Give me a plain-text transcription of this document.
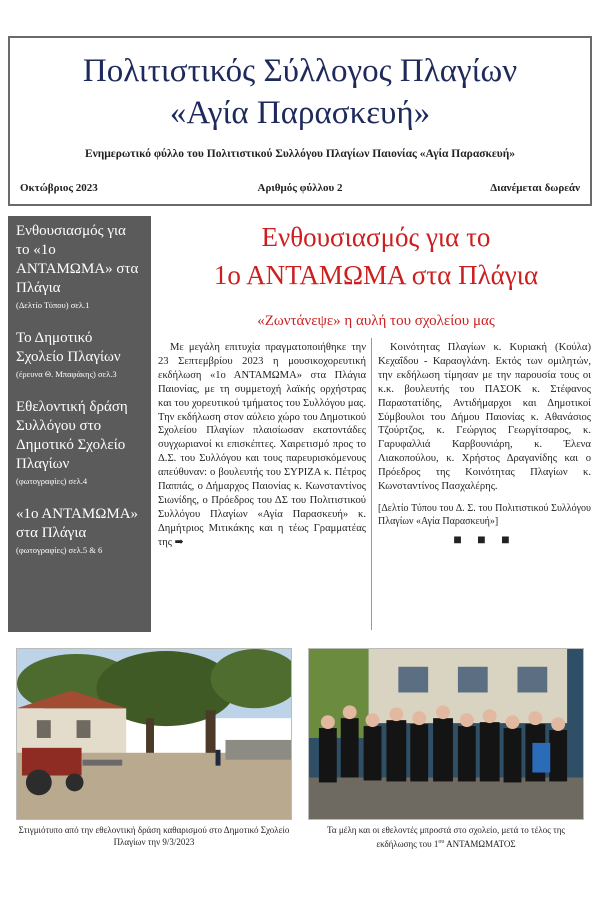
Πολιτιστικός Σύλλογος Πλαγίων
«Αγία Παρασκευή»
Ενημερωτικό φύλλο του Πολιτιστικού Συλλόγου Πλαγίων Παιονίας «Αγία Παρασκευή»
Οκτώβριος 2023	Αριθμός φύλλου 2	Διανέμεται δωρεάν
Ενθουσιασμός για το «1ο ΑΝΤΑΜΩΜΑ» στα Πλάγια
(Δελτίο Τύπου) σελ.1
Το Δημοτικό Σχολείο Πλαγίων
(έρευνα Θ. Μπαφάκης) σελ.3
Εθελοντική δράση Συλλόγου στο Δημοτικό Σχολείο Πλαγίων
(φωτογραφίες) σελ.4
«1ο ΑΝΤΑΜΩΜΑ» στα Πλάγια
(φωτογραφίες) σελ.5 & 6
Ενθουσιασμός για το
1ο ΑΝΤΑΜΩΜΑ στα Πλάγια
«Ζωντάνεψε» η αυλή του σχολείου μας

Με μεγάλη επιτυχία πραγματοποιήθηκε την 23 Σεπτεμβρίου 2023 η μουσικοχορευτική εκδήλωση «1ο ΑΝΤΑΜΩΜΑ» στα Πλάγια Παιονίας, με τη συμμετοχή λαϊκής ορχήστρας και του χορευτικού τμήματος του Συλλόγου μας. Την εκδήλωση στον αύλειο χώρο του Δημοτικού Σχολείου Πλαγίων πλαισίωσαν εκατοντάδες συγχωριανοί κι επισκέπτες. Χαιρετισμό προς το Δ.Σ. του Συλλόγου και τους παρευρισκόμενους απεύθυναν: ο βουλευτής του ΣΥΡΙΖΑ κ. Πέτρος Παππάς, ο Δήμαρχος Παιονίας κ. Κωνσταντίνος Σιωνίδης, ο Πρόεδρος του ΔΣ του Πολιτιστικού Συλλόγου Πλαγίων «Αγία Παρασκευή» κ. Δημήτριος Μιτικάκης και η τέως Γραμματέας της ➡

Κοινότητας Πλαγίων κ. Κυριακή (Κούλα) Κεχαΐδου - Καραογλάνη. Εκτός των ομιλητών, την εκδήλωση τίμησαν με την παρουσία τους οι κ.κ. βουλευτής του ΠΑΣΟΚ κ. Στέφανος Παραστατίδης, Αντιδήμαρχοι και Δημοτικοί Σύμβουλοι του Δήμου Παιονίας κ. Αθανάσιος Τζούρτζος, κ. Γεώργιος Γεωργίτσαρος, κ. Γαρυφαλλιά Καρβουνιάρη, κ. Έλενα Λιακοπούλου, κ. Χρήστος Δραγανίδης και ο Πρόεδρος της Κοινότητας Πλαγίων κ. Κωνσταντίνος Πασχαλέρης.

[Δελτίο Τύπου του Δ. Σ. του Πολιτιστικού Συλλόγου Πλαγίων «Αγία Παρασκευή»]
■ ■ ■
Στιγμιότυπο από την εθελοντική δράση καθαρισμού στο Δημοτικό Σχολείο Πλαγίων την 9/3/2023
Τα μέλη και οι εθελοντές μπροστά στο σχολείο, μετά το τέλος της εκδήλωσης του $1^{o\upsilon}$ ΑΝΤΑΜΩΜΑΤΟΣ
